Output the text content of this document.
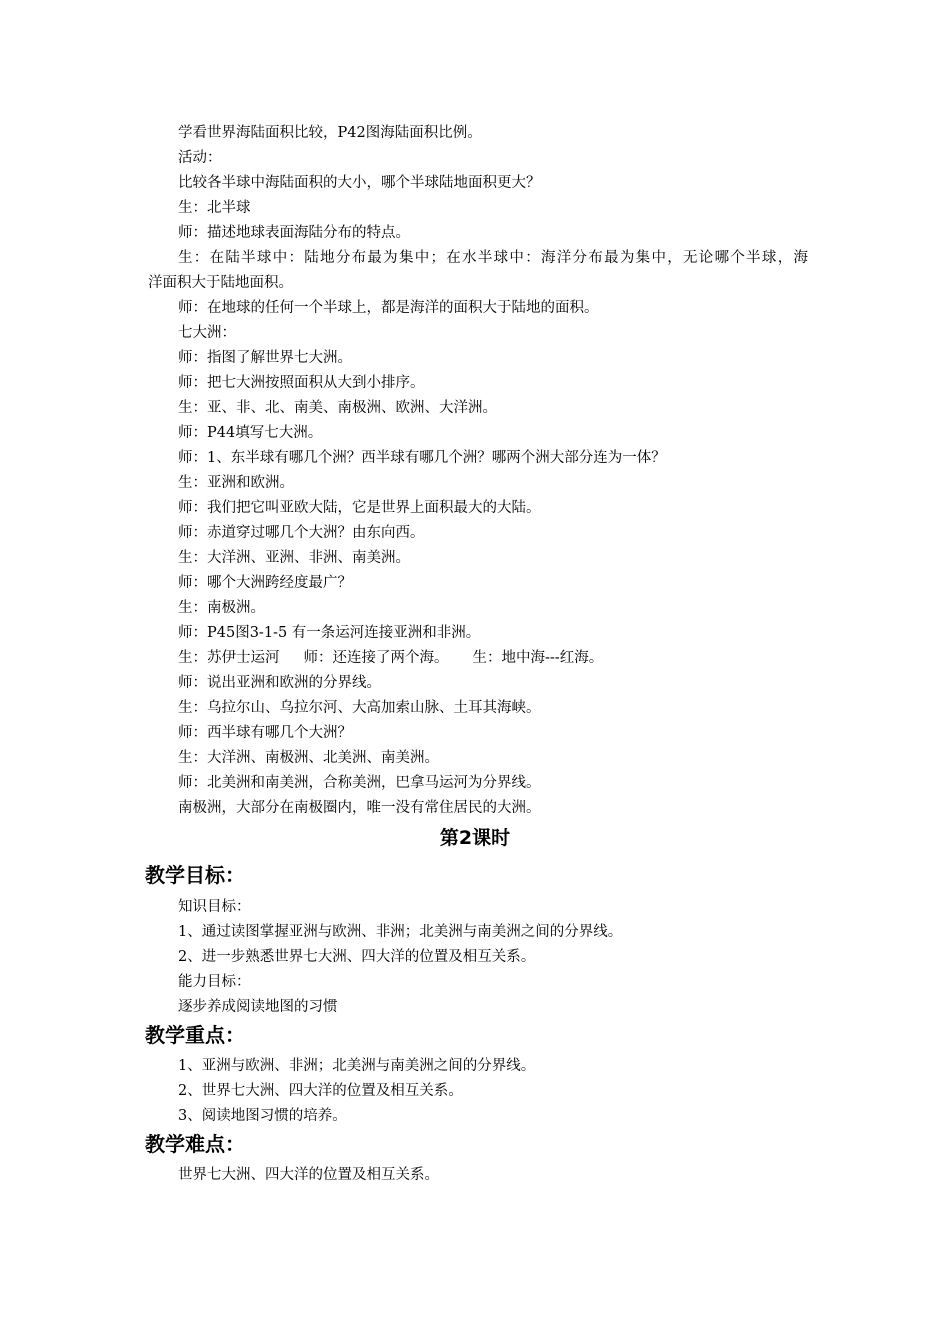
学看世界海陆面积比较，P42图海陆面积比例。
活动：
比较各半球中海陆面积的大小，哪个半球陆地面积更大？
生：北半球
师：描述地球表面海陆分布的特点。
生：在陆半球中：陆地分布最为集中；在水半球中：海洋分布最为集中，无论哪个半球，海
洋面积大于陆地面积。
师：在地球的任何一个半球上，都是海洋的面积大于陆地的面积。
七大洲：
师：指图了解世界七大洲。
师：把七大洲按照面积从大到小排序。
生：亚、非、北、南美、南极洲、欧洲、大洋洲。
师：P44填写七大洲。
师：1、东半球有哪几个洲？西半球有哪几个洲？哪两个洲大部分连为一体？
生：亚洲和欧洲。
师：我们把它叫亚欧大陆，它是世界上面积最大的大陆。
师：赤道穿过哪几个大洲？由东向西。
生：大洋洲、亚洲、非洲、南美洲。
师：哪个大洲跨经度最广？
生：南极洲。
师：P45图3-1-5 有一条运河连接亚洲和非洲。
生：苏伊士运河 师：还连接了两个海。 生：地中海---红海。
师：说出亚洲和欧洲的分界线。
生：乌拉尔山、乌拉尔河、大高加索山脉、土耳其海峡。
师：西半球有哪几个大洲？
生：大洋洲、南极洲、北美洲、南美洲。
师：北美洲和南美洲，合称美洲，巴拿马运河为分界线。
南极洲，大部分在南极圈内，唯一没有常住居民的大洲。
第2课时
教学目标：
知识目标：
1、通过读图掌握亚洲与欧洲、非洲；北美洲与南美洲之间的分界线。
2、进一步熟悉世界七大洲、四大洋的位置及相互关系。
能力目标：
逐步养成阅读地图的习惯
教学重点：
1、亚洲与欧洲、非洲；北美洲与南美洲之间的分界线。
2、世界七大洲、四大洋的位置及相互关系。
3、阅读地图习惯的培养。
教学难点：
世界七大洲、四大洋的位置及相互关系。
